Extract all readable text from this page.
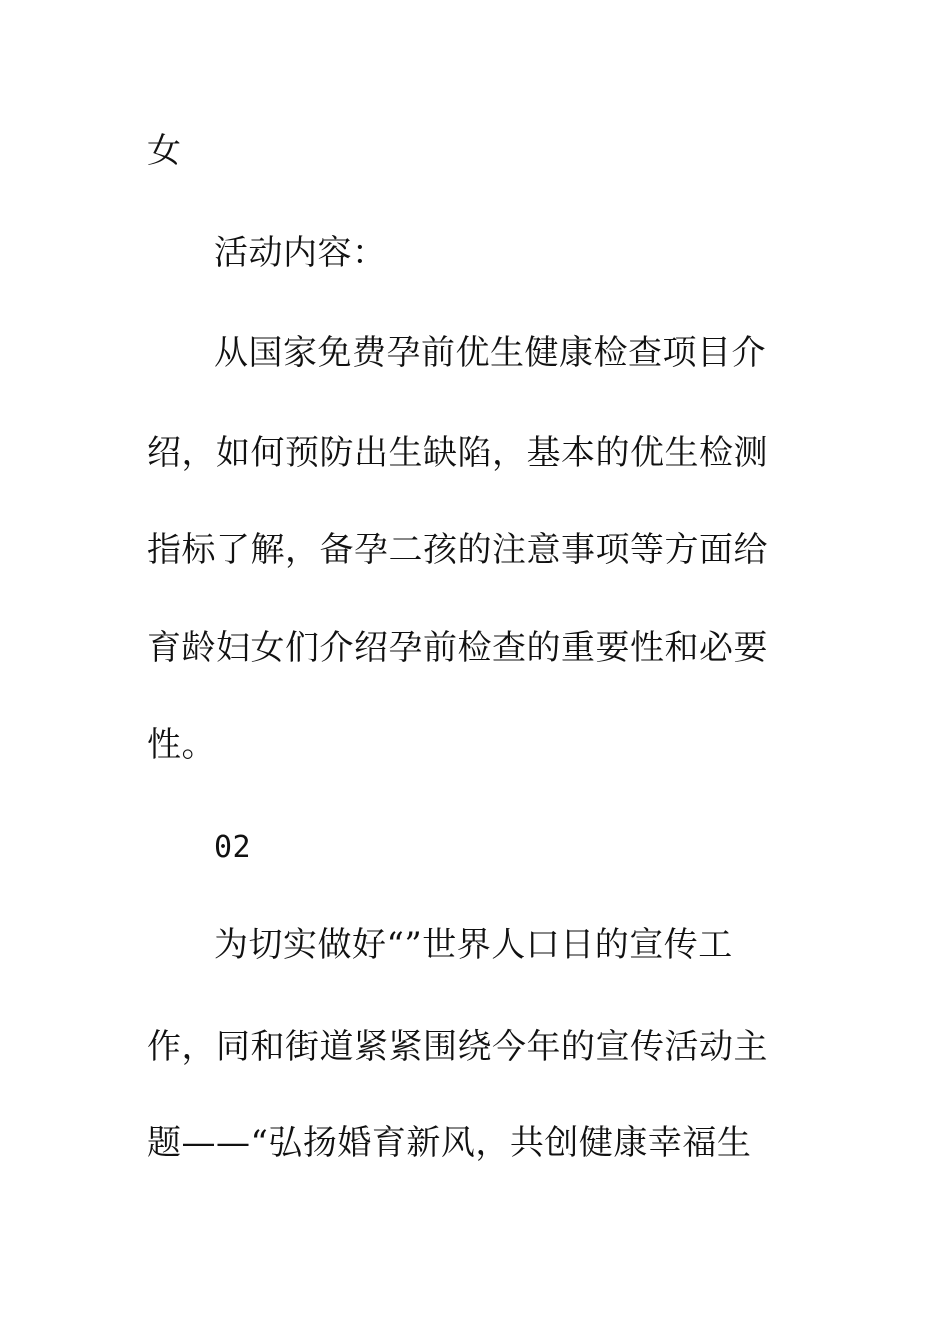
女
活动内容：
从国家免费孕前优生健康检查项目介
绍，如何预防出生缺陷，基本的优生检测
指标了解，备孕二孩的注意事项等方面给
育龄妇女们介绍孕前检查的重要性和必要
性。
02
为切实做好“”世界人口日的宣传工
作，同和街道紧紧围绕今年的宣传活动主
题——“弘扬婚育新风，共创健康幸福生
